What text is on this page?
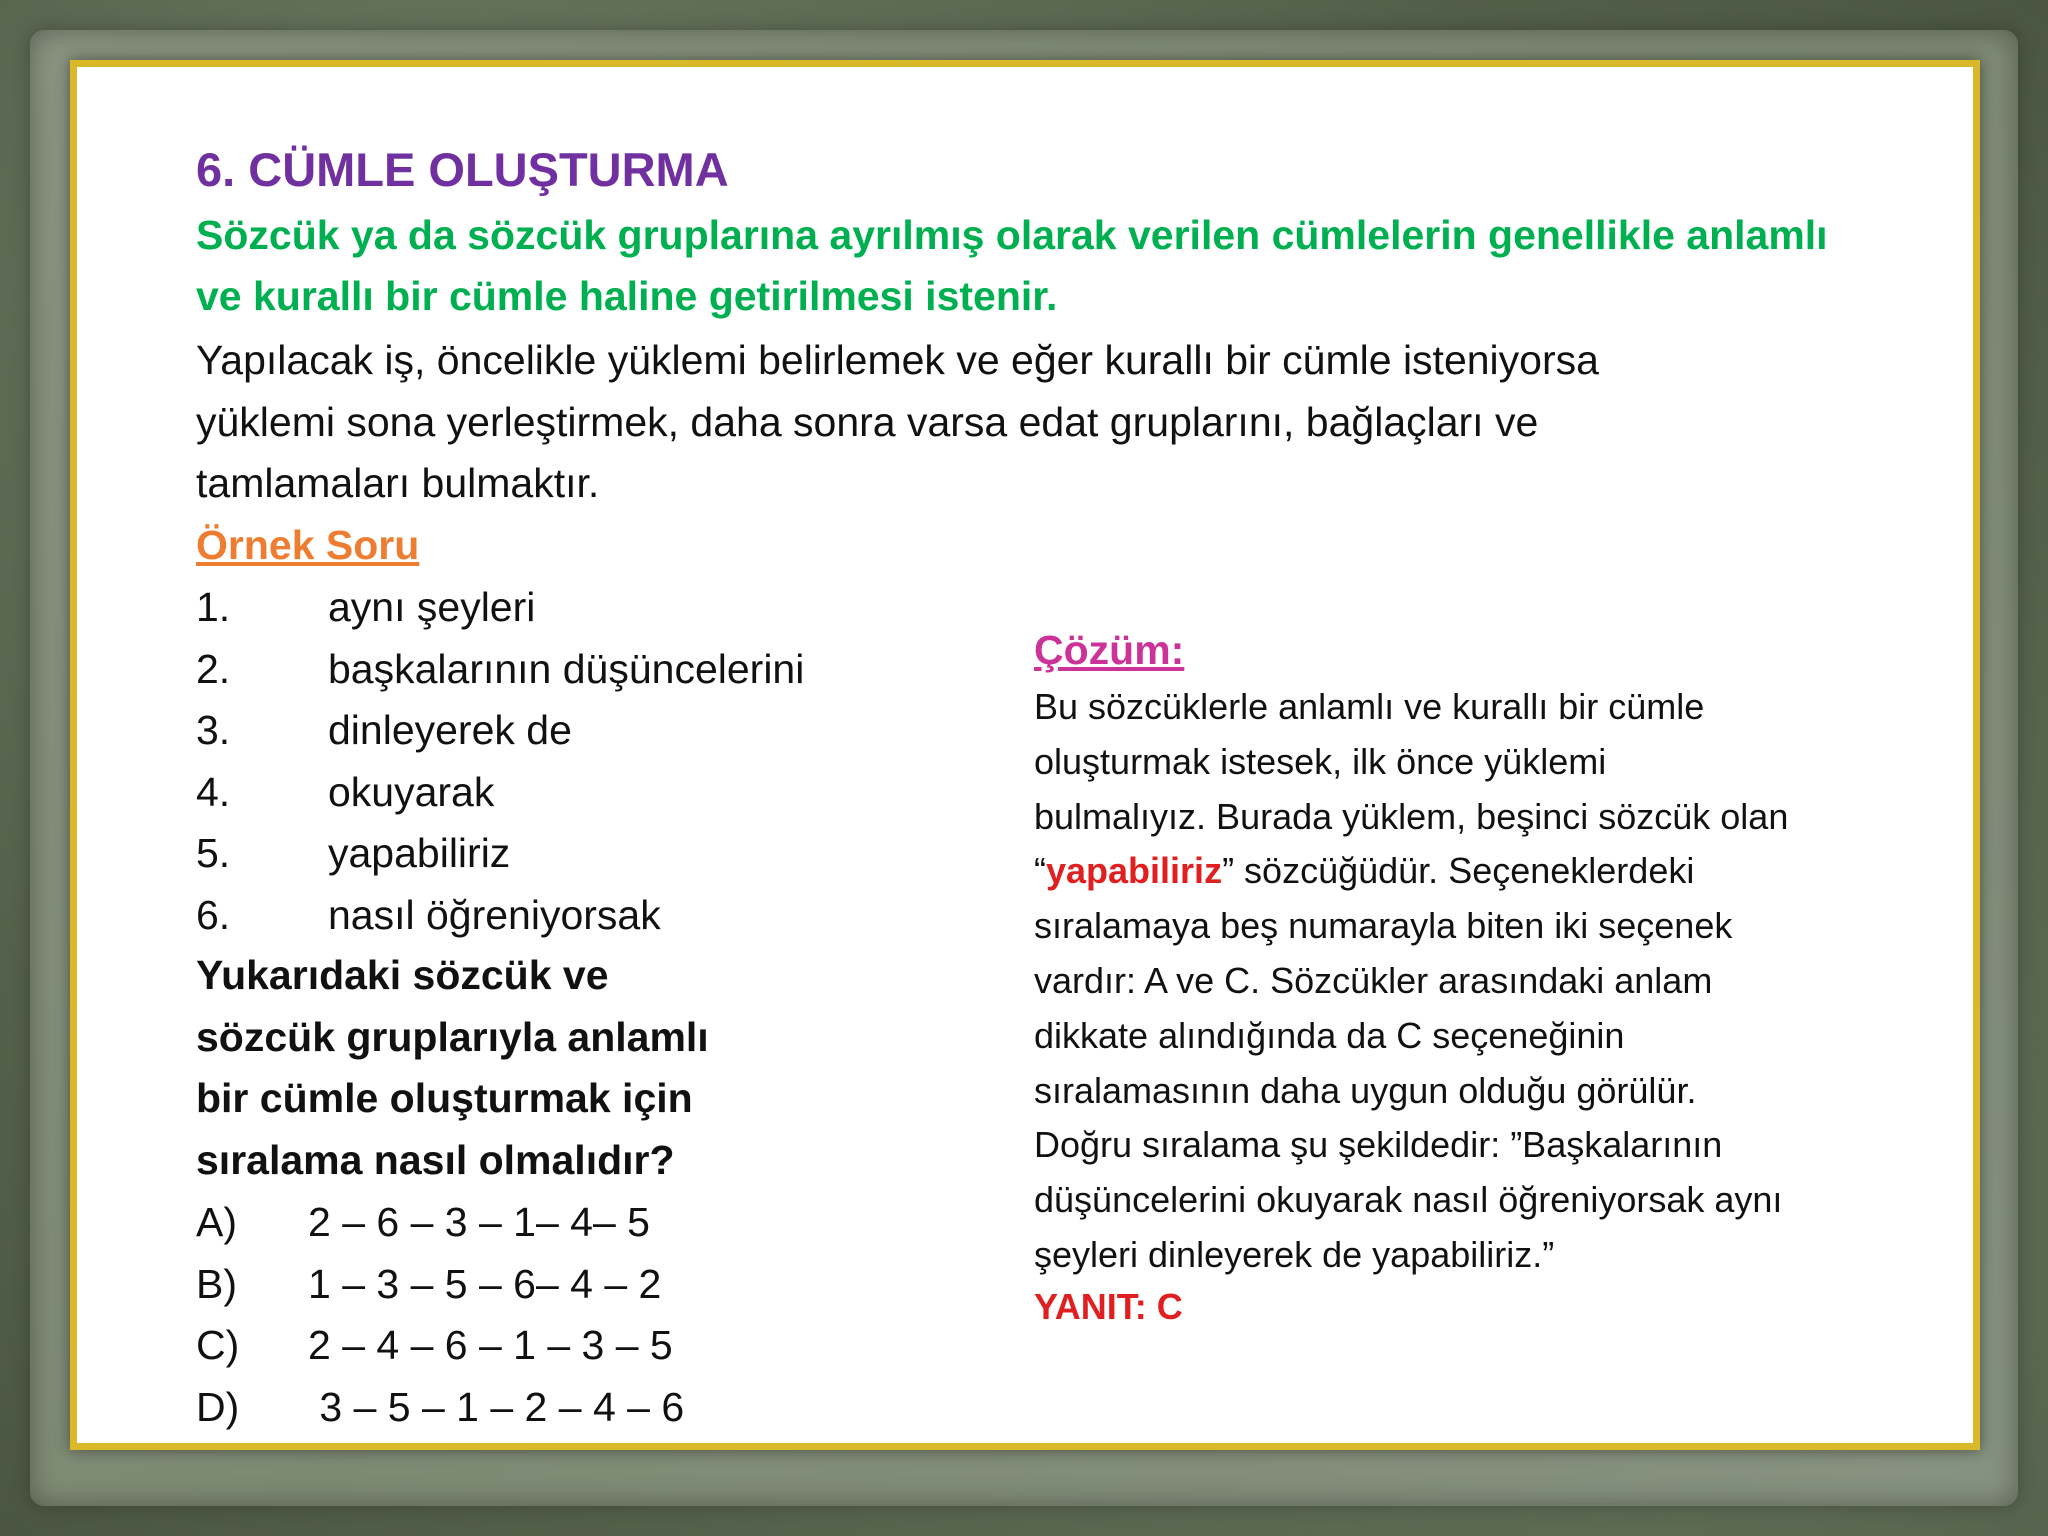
6. CÜMLE OLUŞTURMA
Sözcük ya da sözcük gruplarına ayrılmış olarak verilen cümlelerin genellikle anlamlı
ve kurallı bir cümle haline getirilmesi istenir.
Yapılacak iş, öncelikle yüklemi belirlemek ve eğer kurallı bir cümle isteniyorsa
yüklemi sona yerleştirmek, daha sonra varsa edat gruplarını, bağlaçları ve
tamlamaları bulmaktır.
Örnek Soru
1.	aynı şeyleri
2.	başkalarının düşüncelerini
3.	dinleyerek de
4.	okuyarak
5.	yapabiliriz
6.	nasıl öğreniyorsak
Yukarıdaki sözcük ve
sözcük gruplarıyla anlamlı
bir cümle oluşturmak için
sıralama nasıl olmalıdır?
A)	2 – 6 – 3 – 1– 4– 5
B)	1 – 3 – 5 – 6– 4 – 2
C)	2 – 4 – 6 – 1 – 3 – 5
D)	3 – 5 – 1 – 2 – 4 – 6
Çözüm:
Bu sözcüklerle anlamlı ve kurallı bir cümle
oluşturmak istesek, ilk önce yüklemi
bulmalıyız. Burada yüklem, beşinci sözcük olan
“yapabiliriz” sözcüğüdür. Seçeneklerdeki
sıralamaya beş numarayla biten iki seçenek
vardır: A ve C. Sözcükler arasındaki anlam
dikkate alındığında da C seçeneğinin
sıralamasının daha uygun olduğu görülür.
Doğru sıralama şu şekildedir: ”Başkalarının
düşüncelerini okuyarak nasıl öğreniyorsak aynı
şeyleri dinleyerek de yapabiliriz.”
YANIT: C
